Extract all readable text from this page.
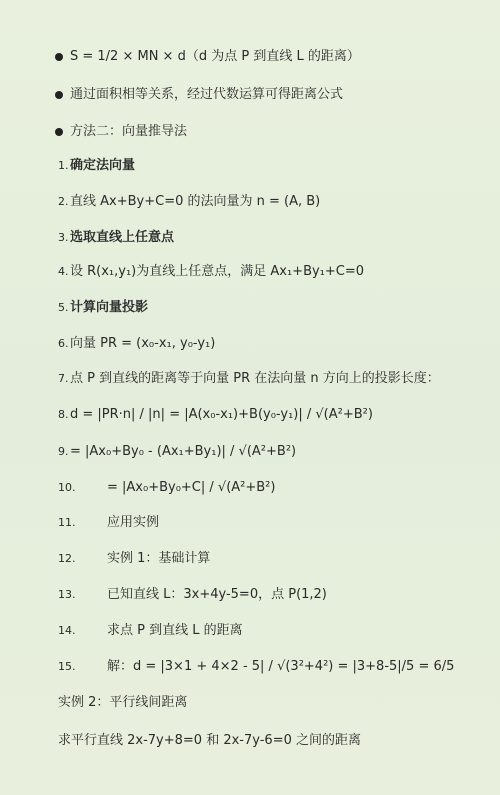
S = 1/2 × MN × d（d 为点 P 到直线 L 的距离）
通过面积相等关系，经过代数运算可得距离公式
方法二：向量推导法
1. 确定法向量
2. 直线 Ax+By+C=0 的法向量为 n = (A, B)
3. 选取直线上任意点
4. 设 R(x₁,y₁)为直线上任意点，满足 Ax₁+By₁+C=0
5. 计算向量投影
6. 向量 PR = (x₀-x₁, y₀-y₁)
7. 点 P 到直线的距离等于向量 PR 在法向量 n 方向上的投影长度：
8. d = |PR·n| / |n| = |A(x₀-x₁)+B(y₀-y₁)| / √(A²+B²)
9. = |Ax₀+By₀ - (Ax₁+By₁)| / √(A²+B²)
10. = |Ax₀+By₀+C| / √(A²+B²)
11. 应用实例
12. 实例 1：基础计算
13. 已知直线 L：3x+4y-5=0，点 P(1,2)
14. 求点 P 到直线 L 的距离
15. 解：d = |3×1 + 4×2 - 5| / √(3²+4²) = |3+8-5|/5 = 6/5
实例 2：平行线间距离
求平行直线 2x-7y+8=0 和 2x-7y-6=0 之间的距离
